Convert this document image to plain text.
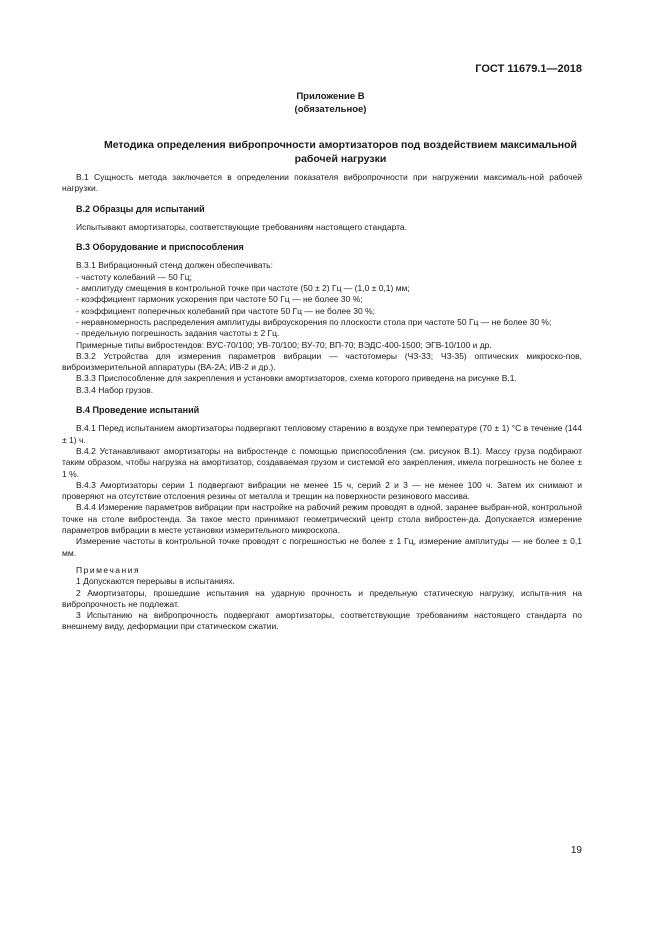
ГОСТ 11679.1—2018
Приложение В
(обязательное)
Методика определения вибропрочности амортизаторов под воздействием максимальной
рабочей нагрузки

В.1 Сущность метода заключается в определении показателя вибропрочности при нагружении максималь-ной рабочей нагрузки.

В.2 Образцы для испытаний

Испытывают амортизаторы, соответствующие требованиям настоящего стандарта.

В.3 Оборудование и приспособления

В.3.1 Вибрационный стенд должен обеспечивать:

- частоту колебаний — 50 Гц;

- амплитуду смещения в контрольной точке при частоте (50 ± 2) Гц — (1,0 ± 0,1) мм;

- коэффициент гармоник ускорения при частоте 50 Гц — не более 30 %;

- коэффициент поперечных колебаний при частоте 50 Гц — не более 30 %;

- неравномерность распределения амплитуды виброускорения по плоскости стола при частоте 50 Гц — не более 30 %;

- предельную погрешность задания частоты ± 2 Гц.

Примерные типы вибростендов: ВУС-70/100; УВ-70/100; ВУ-70; ВП-70; ВЭДС-400-1500; ЭГВ-10/100 и др.

В.3.2 Устройства для измерения параметров вибрации — частотомеры (ЧЗ-33; ЧЗ-35) оптических микроско-пов, виброизмерительной аппаратуры (ВА-2А; ИВ-2 и др.).

В.3.3 Приспособление для закрепления и установки амортизаторов, схема которого приведена на рисунке В.1.

В.3.4 Набор грузов.

В.4 Проведение испытаний

В.4.1 Перед испытанием амортизаторы подвергают тепловому старению в воздухе при температуре (70 ± 1) °С в течение (144 ± 1) ч.

В.4.2 Устанавливают амортизаторы на вибростенде с помощью приспособления (см. рисунок В.1). Массу груза подбирают таким образом, чтобы нагрузка на амортизатор, создаваемая грузом и системой его закрепления, имела погрешность не более ± 1 %.

В.4.3 Амортизаторы серии 1 подвергают вибрации не менее 15 ч, серий 2 и 3 — не менее 100 ч. Затем их снимают и проверяют на отсутствие отслоения резины от металла и трещин на поверхности резинового массива.

В.4.4 Измерение параметров вибрации при настройке на рабочий режим проводят в одной, заранее выбран-ной, контрольной точке на столе вибростенда. За такое место принимают геометрический центр стола вибростен-да. Допускается измерение параметров вибрации в месте установки измерительного микроскопа.

Измерение частоты в контрольной точке проводят с погрешностью не более ± 1 Гц, измерение амплитуды — не более ± 0,1 мм.

Примечания

1 Допускаются перерывы в испытаниях.

2 Амортизаторы, прошедшие испытания на ударную прочность и предельную статическую нагрузку, испыта-ния на вибропрочность не подлежат.

3 Испытанию на вибропрочность подвергают амортизаторы, соответствующие требованиям настоящего стандарта по внешнему виду, деформации при статическом сжатии.

19
